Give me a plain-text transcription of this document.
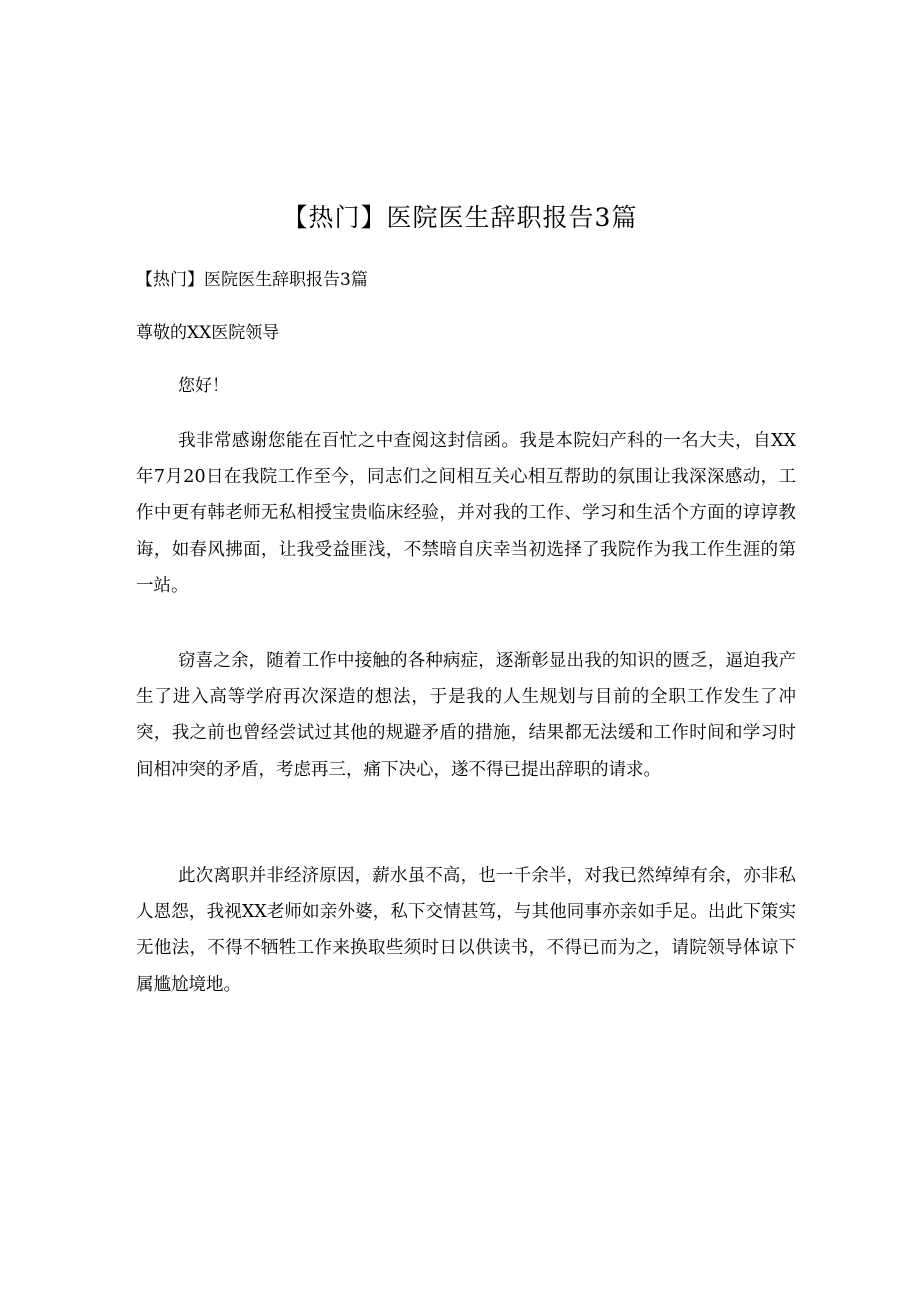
【热门】医院医生辞职报告3篇

【热门】医院医生辞职报告3篇

尊敬的XX医院领导

您好！

我非常感谢您能在百忙之中查阅这封信函。我是本院妇产科的一名大夫，自XX年7月20日在我院工作至今，同志们之间相互关心相互帮助的氛围让我深深感动，工作中更有韩老师无私相授宝贵临床经验，并对我的工作、学习和生活个方面的谆谆教诲，如春风拂面，让我受益匪浅，不禁暗自庆幸当初选择了我院作为我工作生涯的第一站。

窃喜之余，随着工作中接触的各种病症，逐渐彰显出我的知识的匮乏，逼迫我产生了进入高等学府再次深造的想法，于是我的人生规划与目前的全职工作发生了冲突，我之前也曾经尝试过其他的规避矛盾的措施，结果都无法缓和工作时间和学习时间相冲突的矛盾，考虑再三，痛下决心，遂不得已提出辞职的请求。

此次离职并非经济原因，薪水虽不高，也一千余半，对我已然绰绰有余，亦非私人恩怨，我视XX老师如亲外婆，私下交情甚笃，与其他同事亦亲如手足。出此下策实无他法，不得不牺牲工作来换取些须时日以供读书，不得已而为之，请院领导体谅下属尴尬境地。
